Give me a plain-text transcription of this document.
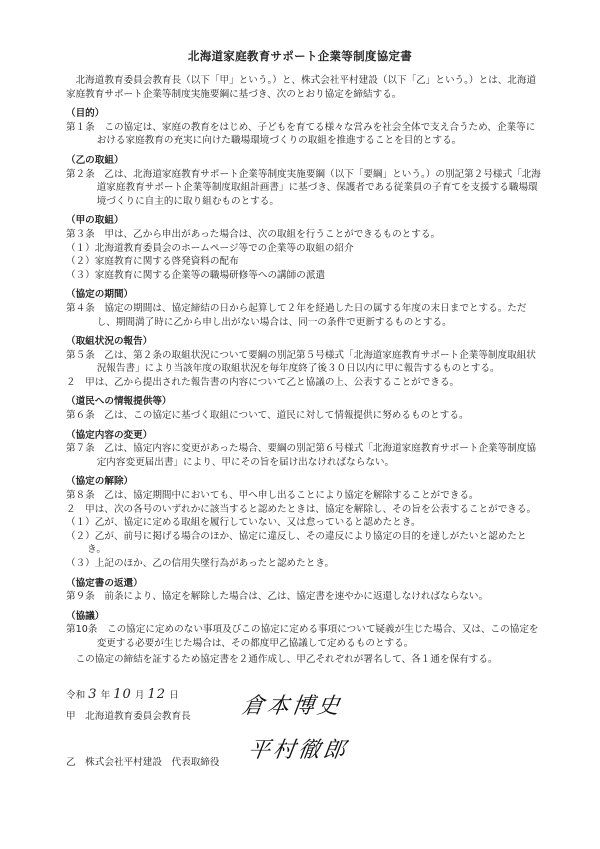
北海道家庭教育サポート企業等制度協定書

北海道教育委員会教育長（以下「甲」という。）と、株式会社平村建設（以下「乙」という。）とは、北海道家庭教育サポート企業等制度実施要綱に基づき、次のとおり協定を締結する。

（目的）

第１条　この協定は、家庭の教育をはじめ、子どもを育てる様々な営みを社会全体で支え合うため、企業等における家庭教育の充実に向けた職場環境づくりの取組を推進することを目的とする。

（乙の取組）

第２条　乙は、北海道家庭教育サポート企業等制度実施要綱（以下「要綱」という。）の別記第２号様式「北海道家庭教育サポート企業等制度取組計画書」に基づき、保護者である従業員の子育てを支援する職場環境づくりに自主的に取り組むものとする。

（甲の取組）

第３条　甲は、乙から申出があった場合は、次の取組を行うことができるものとする。

（１）北海道教育委員会のホームページ等での企業等の取組の紹介

（２）家庭教育に関する啓発資料の配布

（３）家庭教育に関する企業等の職場研修等への講師の派遣

（協定の期間）

第４条　協定の期間は、協定締結の日から起算して２年を経過した日の属する年度の末日までとする。ただし、期間満了時に乙から申し出がない場合は、同一の条件で更新するものとする。

（取組状況の報告）

第５条　乙は、第２条の取組状況について要綱の別記第５号様式「北海道家庭教育サポート企業等制度取組状況報告書」により当該年度の取組状況を毎年度終了後３０日以内に甲に報告するものとする。

２　甲は、乙から提出された報告書の内容について乙と協議の上、公表することができる。

（道民への情報提供等）

第６条　乙は、この協定に基づく取組について、道民に対して情報提供に努めるものとする。

（協定内容の変更）

第７条　乙は、協定内容に変更があった場合、要綱の別記第６号様式「北海道家庭教育サポート企業等制度協定内容変更届出書」により、甲にその旨を届け出なければならない。

（協定の解除）

第８条　乙は、協定期間中においても、甲へ申し出ることにより協定を解除することができる。

２　甲は、次の各号のいずれかに該当すると認めたときは、協定を解除し、その旨を公表することができる。

（１）乙が、協定に定める取組を履行していない、又は怠っていると認めたとき。

（２）乙が、前号に掲げる場合のほか、協定に違反し、その違反により協定の目的を達しがたいと認めたとき。

（３）上記のほか、乙の信用失墜行為があったと認めたとき。

（協定書の返還）

第９条　前条により、協定を解除した場合は、乙は、協定書を速やかに返還しなければならない。

（協議）

第10条　この協定に定めのない事項及びこの協定に定める事項について疑義が生じた場合、又は、この協定を変更する必要が生じた場合は、その都度甲乙協議して定めるものとする。

この協定の締結を証するため協定書を２通作成し、甲乙それぞれが署名して、各１通を保有する。

令和 3 年 10 月 12 日
甲　北海道教育委員会教育長 倉本博史
乙　株式会社平村建設　代表取締役 平村徹郎
